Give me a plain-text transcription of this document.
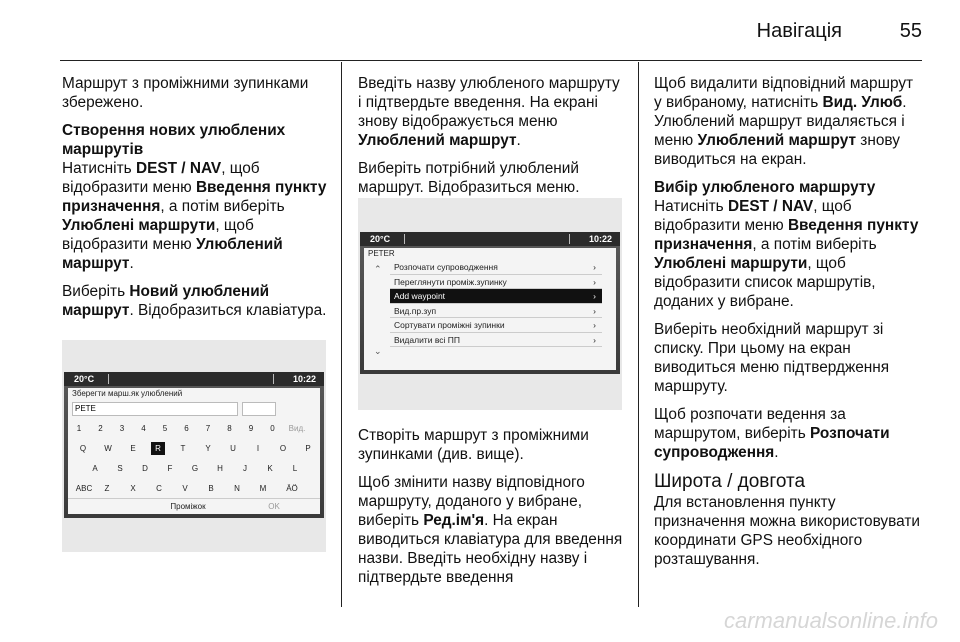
Навігація	55

Маршрут з проміжними зупинками збережено.

Створення нових улюблених маршрутів

Натисніть DEST / NAV, щоб відобразити меню Введення пункту призначення, а потім виберіть Улюблені маршрути, щоб відобразити меню Улюблений маршрут.

Виберіть Новий улюблений маршрут. Відобразиться клавіатура.

20°C	10:22
Зберегти марш.як улюблений
PETE
1	2	3	4	5	6	7	8	9	0	Вид.
Q	W	E	R	T	Y	U	I	O	P
A	S	D	F	G	H	J	K	L
ABC	Z	X	C	V	B	N	M	ÄÖ
Проміжок	OK

Введіть назву улюбленого маршруту і підтвердьте введення. На екрані знову відображується меню Улюблений маршрут.

Виберіть потрібний улюблений маршрут. Відобразиться меню.

20°C	10:22
PETER
⌃
⌄
Розпочати супроводження	›
Переглянути проміж.зупинку	›
Add waypoint	›
Вид.пр.зуп	›
Сортувати проміжні зупинки	›
Видалити всі ПП	›

Створіть маршрут з проміжними зупинками (див. вище).

Щоб змінити назву відповідного маршруту, доданого у вибране, виберіть Ред.ім'я. На екран виводиться клавіатура для введення назви. Введіть необхідну назву і підтвердьте введення

Щоб видалити відповідний маршрут у вибраному, натисніть Вид. Улюб. Улюблений маршрут видаляється і меню Улюблений маршрут знову виводиться на екран.

Вибір улюбленого маршруту

Натисніть DEST / NAV, щоб відобразити меню Введення пункту призначення, а потім виберіть Улюблені маршрути, щоб відобразити список маршрутів, доданих у вибране.

Виберіть необхідний маршрут зі списку. При цьому на екран виводиться меню підтвердження маршруту.

Щоб розпочати ведення за маршрутом, виберіть Розпочати супроводження.

Широта / довгота

Для встановлення пункту призначення можна використовувати координати GPS необхідного розташування.

carmanualsonline.info
